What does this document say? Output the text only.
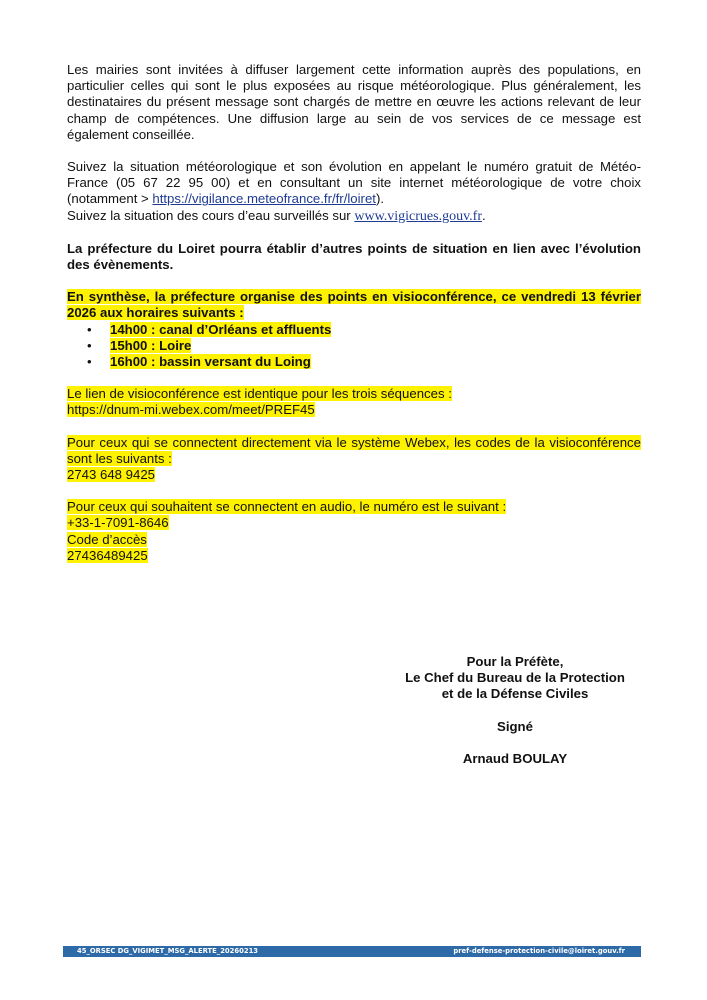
Les mairies sont invitées à diffuser largement cette information auprès des populations, en particulier celles qui sont le plus exposées au risque météorologique. Plus généralement, les destinataires du présent message sont chargés de mettre en œuvre les actions relevant de leur champ de compétences. Une diffusion large au sein de vos services de ce message est également conseillée.

Suivez la situation météorologique et son évolution en appelant le numéro gratuit de Météo-France (05 67 22 95 00) et en consultant un site internet météorologique de votre choix (notamment > https://vigilance.meteofrance.fr/fr/loiret).

Suivez la situation des cours d’eau surveillés sur www.vigicrues.gouv.fr.

La préfecture du Loiret pourra établir d’autres points de situation en lien avec l’évolution des évènements.

En synthèse, la préfecture organise des points en visioconférence, ce vendredi 13 février 2026 aux horaires suivants :

• 14h00 : canal d’Orléans et affluents
• 15h00 : Loire
• 16h00 : bassin versant du Loing

Le lien de visioconférence est identique pour les trois séquences :

https://dnum-mi.webex.com/meet/PREF45

Pour ceux qui se connectent directement via le système Webex, les codes de la visioconférence sont les suivants :

2743 648 9425

Pour ceux qui souhaitent se connectent en audio, le numéro est le suivant :

+33-1-7091-8646

Code d’accès

27436489425

Pour la Préfète,
Le Chef du Bureau de la Protection
et de la Défense Civiles
Signé
Arnaud BOULAY
45_ORSEC DG_VIGIMET_MSG_ALERTE_20260213	pref-defense-protection-civile@loiret.gouv.fr
